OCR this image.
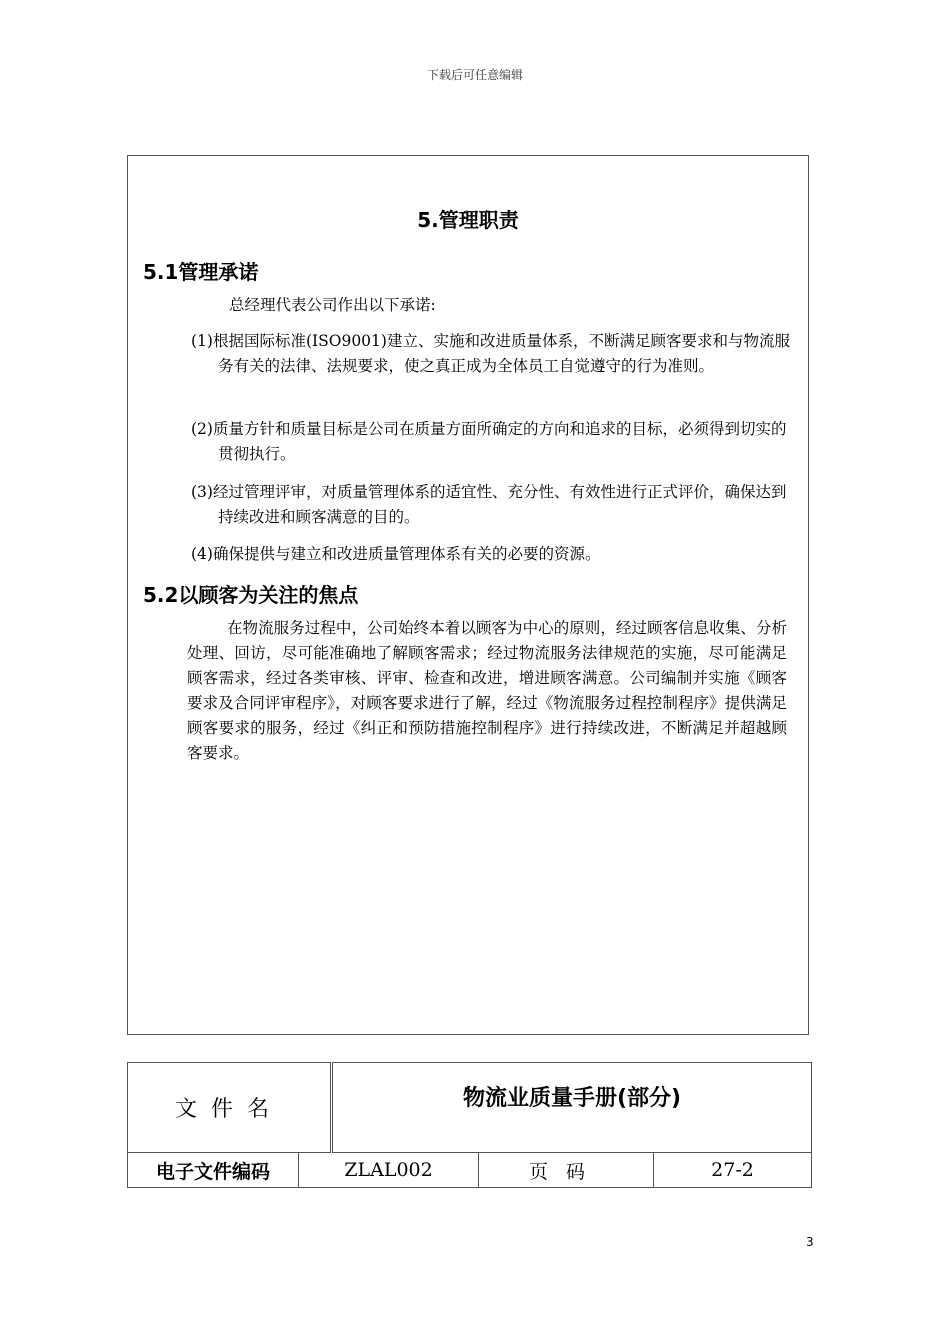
下载后可任意编辑
5.管理职责
5.1管理承诺
总经理代表公司作出以下承诺:
(1)根据国际标准(ISO9001)建立、实施和改进质量体系，不断满足顾客要求和与物流服务有关的法律、法规要求，使之真正成为全体员工自觉遵守的行为准则。
(2)质量方针和质量目标是公司在质量方面所确定的方向和追求的目标，必须得到切实的贯彻执行。
(3)经过管理评审，对质量管理体系的适宜性、充分性、有效性进行正式评价，确保达到持续改进和顾客满意的目的。
(4)确保提供与建立和改进质量管理体系有关的必要的资源。
5.2以顾客为关注的焦点
在物流服务过程中，公司始终本着以顾客为中心的原则，经过顾客信息收集、分析处理、回访，尽可能准确地了解顾客需求；经过物流服务法律规范的实施，尽可能满足顾客需求，经过各类审核、评审、检查和改进，增进顾客满意。公司编制并实施《顾客要求及合同评审程序》，对顾客要求进行了解，经过《物流服务过程控制程序》提供满足顾客要求的服务，经过《纠正和预防措施控制程序》进行持续改进，不断满足并超越顾客要求。
文件名		物流业质量手册(部分)		
电子文件编码	ZLAL002		页码	27-2
3
